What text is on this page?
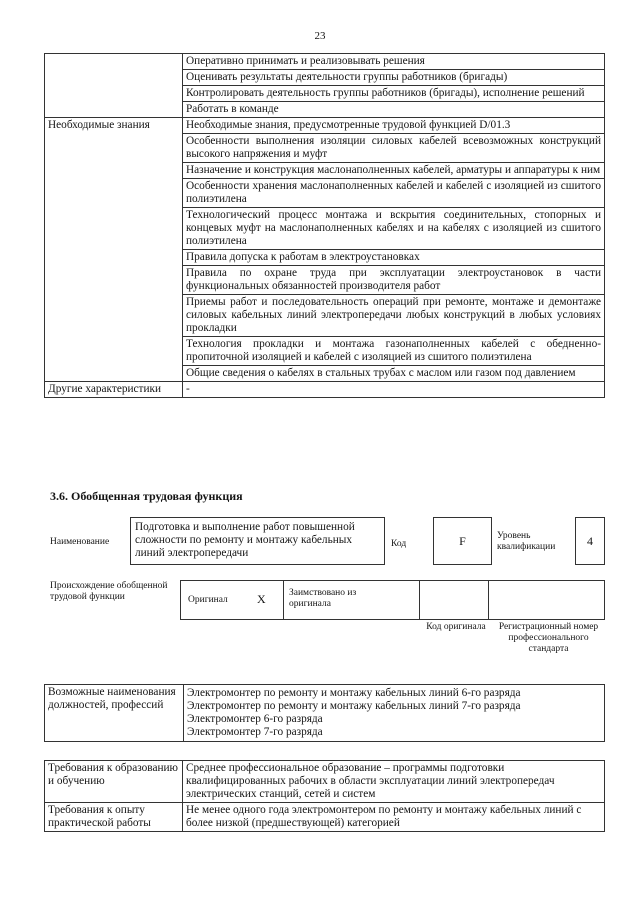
23
	Оперативно принимать и реализовывать решения
	Оценивать результаты деятельности группы работников (бригады)
	Контролировать деятельность группы работников (бригады), исполнение решений
	Работать в команде
Необходимые знания	Необходимые знания, предусмотренные трудовой функцией D/01.3
	Особенности выполнения изоляции силовых кабелей всевозможных конструкций высокого напряжения и муфт
	Назначение и конструкция маслонаполненных кабелей, арматуры и аппаратуры к ним
	Особенности хранения маслонаполненных кабелей и кабелей с изоляцией из сшитого полиэтилена
	Технологический процесс монтажа и вскрытия соединительных, стопорных и концевых муфт на маслонаполненных кабелях и на кабелях с изоляцией из сшитого полиэтилена
	Правила допуска к работам в электроустановках
	Правила по охране труда при эксплуатации электроустановок в части функциональных обязанностей производителя работ
	Приемы работ и последовательность операций при ремонте, монтаже и демонтаже силовых кабельных линий электропередачи любых конструкций в любых условиях прокладки
	Технология прокладки и монтажа газонаполненных кабелей с обедненно-пропиточной изоляцией и кабелей с изоляцией из сшитого полиэтилена
	Общие сведения о кабелях в стальных трубах с маслом или газом под давлением
Другие характеристики	-
3.6. Обобщенная трудовая функция
Наименование
Подготовка и выполнение работ повышенной сложности по ремонту и монтажу кабельных линий электропередачи
Код	F	Уровень квалификации	4
Происхождение обобщенной трудовой функции	Оригинал X Заимствовано из оригинала
Код оригинала	Регистрационный номер профессионального стандарта
Возможные наименования должностей, профессий	
Электромонтер по ремонту и монтажу кабельных линий 6-го разряда
Электромонтер по ремонту и монтажу кабельных линий 7-го разряда
Электромонтер 6-го разряда
Электромонтер 7-го разряда
Требования к образованию и обучению	Среднее профессиональное образование – программы подготовки квалифицированных рабочих в области эксплуатации линий электропередач электрических станций, сетей и систем
Требования к опыту практической работы	Не менее одного года электромонтером по ремонту и монтажу кабельных линий с более низкой (предшествующей) категорией
